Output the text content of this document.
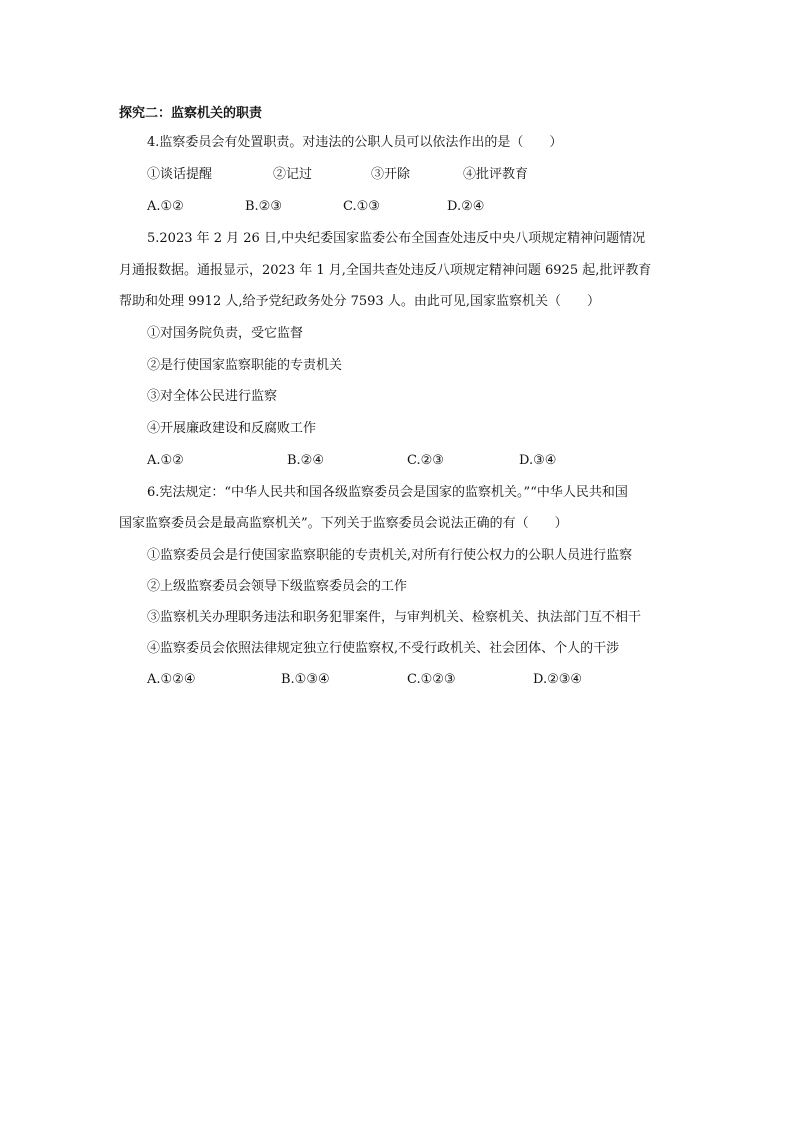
探究二：监察机关的职责
4.监察委员会有处置职责。对违法的公职人员可以依法作出的是（　　）
①谈话提醒	②记过	③开除	④批评教育
A.①②	B.②③	C.①③	D.②④
5.2023 年 2 月 26 日,中央纪委国家监委公布全国查处违反中央八项规定精神问题情况
月通报数据。通报显示，2023 年 1 月,全国共查处违反八项规定精神问题 6925 起,批评教育
帮助和处理 9912 人,给予党纪政务处分 7593 人。由此可见,国家监察机关（　　）
①对国务院负责，受它监督
②是行使国家监察职能的专责机关
③对全体公民进行监察
④开展廉政建设和反腐败工作
A.①②	B.②④	C.②③	D.③④
6.宪法规定：“中华人民共和国各级监察委员会是国家的监察机关。”“中华人民共和国
国家监察委员会是最高监察机关”。下列关于监察委员会说法正确的有（　　）
①监察委员会是行使国家监察职能的专责机关,对所有行使公权力的公职人员进行监察
②上级监察委员会领导下级监察委员会的工作
③监察机关办理职务违法和职务犯罪案件，与审判机关、检察机关、执法部门互不相干
④监察委员会依照法律规定独立行使监察权,不受行政机关、社会团体、个人的干涉
A.①②④	B.①③④	C.①②③	D.②③④
